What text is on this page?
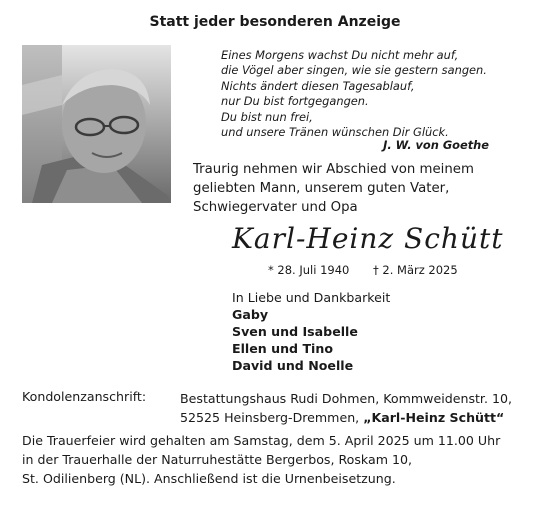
Statt jeder besonderen Anzeige
Eines Morgens wachst Du nicht mehr auf,
die Vögel aber singen, wie sie gestern sangen.
Nichts ändert diesen Tagesablauf,
nur Du bist fortgegangen.
Du bist nun frei,
und unsere Tränen wünschen Dir Glück.
J. W. von Goethe
Traurig nehmen wir Abschied von meinem
geliebten Mann, unserem guten Vater,
Schwiegervater und Opa
Karl-Heinz Schütt
* 28. Juli 1940 † 2. März 2025
In Liebe und Dankbarkeit
Gaby
Sven und Isabelle
Ellen und Tino
David und Noelle
Kondolenzanschrift:	Bestattungshaus Rudi Dohmen, Kommweidenstr. 10,
52525 Heinsberg-Dremmen, „Karl-Heinz Schütt“
Die Trauerfeier wird gehalten am Samstag, dem 5. April 2025 um 11.00 Uhr
in der Trauerhalle der Naturruhestätte Bergerbos, Roskam 10,
St. Odilienberg (NL). Anschließend ist die Urnenbeisetzung.
